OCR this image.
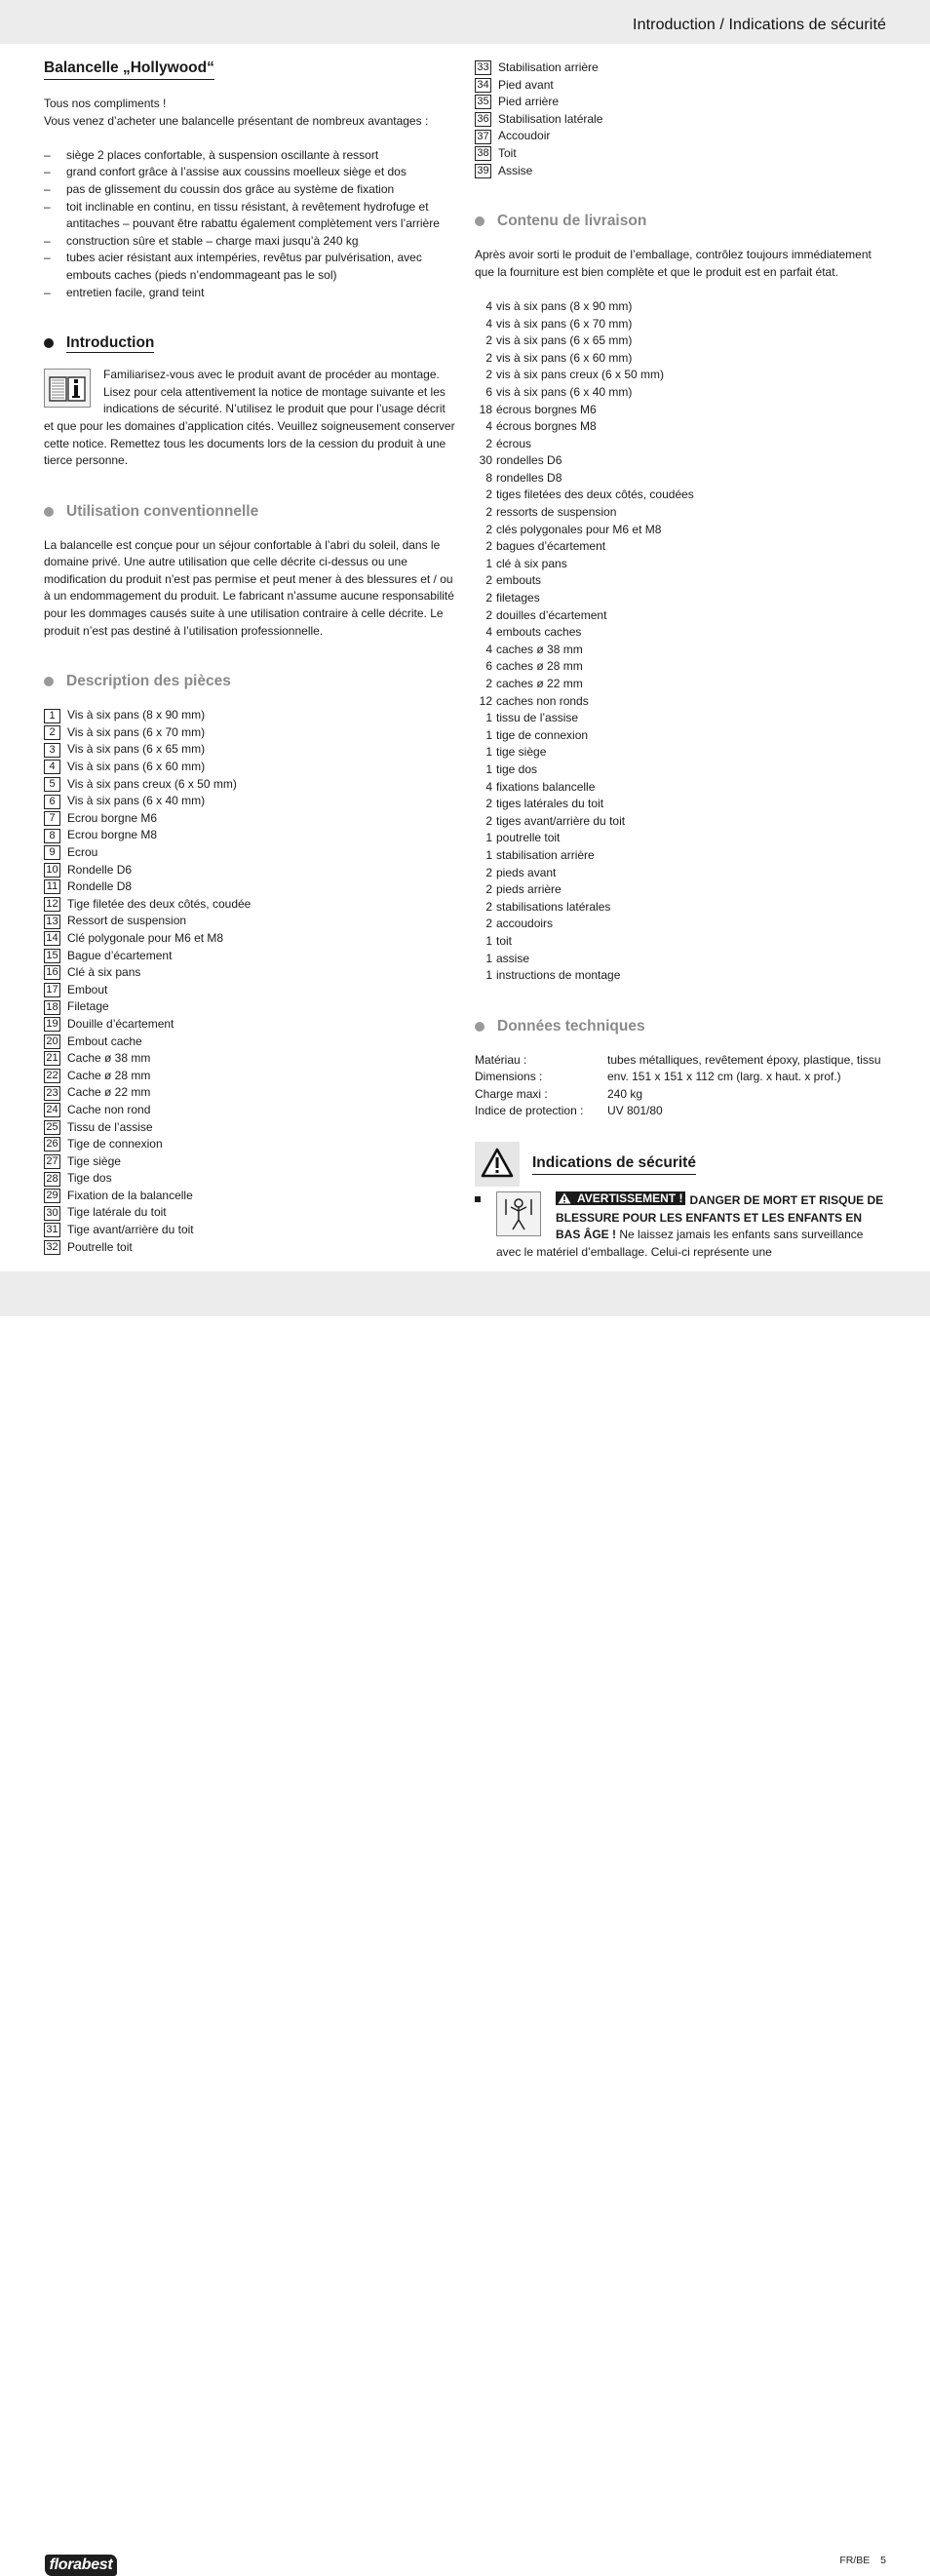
Introduction / Indications de sécurité
Balancelle „Hollywood“

Tous nos compliments !

Vous venez d’acheter une balancelle présentant de nombreux avantages :

– siège 2 places confortable, à suspension oscillante à ressort
– grand confort grâce à l’assise aux coussins moelleux siège et dos
– pas de glissement du coussin dos grâce au système de fixation
– toit inclinable en continu, en tissu résistant, à revêtement hydrofuge et antitaches – pouvant être rabattu également complètement vers l’arrière
– construction sûre et stable – charge maxi jusqu’à 240 kg
– tubes acier résistant aux intempéries, revêtus par pulvérisation, avec embouts caches (pieds n’endommageant pas le sol)
– entretien facile, grand teint
Introduction

Familiarisez-vous avec le produit avant de procéder au montage. Lisez pour cela attentivement la notice de montage suivante et les indications de sécurité. N’utilisez le produit que pour l’usage décrit et que pour les domaines d’application cités. Veuillez soigneusement conserver cette notice. Remettez tous les documents lors de la cession du produit à une tierce personne.

Utilisation conventionnelle

La balancelle est conçue pour un séjour confortable à l’abri du soleil, dans le domaine privé. Une autre utilisation que celle décrite ci-dessus ou une modification du produit n’est pas permise et peut mener à des blessures et / ou à un endommagement du produit. Le fabricant n’assume aucune responsabilité pour les dommages causés suite à une utilisation contraire à celle décrite. Le produit n’est pas destiné à l’utilisation professionnelle.

Description des pièces
1	Vis à six pans (8 x 90 mm)
2	Vis à six pans (6 x 70 mm)
3	Vis à six pans (6 x 65 mm)
4	Vis à six pans (6 x 60 mm)
5	Vis à six pans creux (6 x 50 mm)
6	Vis à six pans (6 x 40 mm)
7	Ecrou borgne M6
8	Ecrou borgne M8
9	Ecrou
10 Rondelle D6
11 Rondelle D8
12 Tige filetée des deux côtés, coudée
13 Ressort de suspension
14 Clé polygonale pour M6 et M8
15 Bague d’écartement
16 Clé à six pans
17 Embout
18 Filetage
19 Douille d’écartement
20 Embout cache
21 Cache ø 38 mm
22 Cache ø 28 mm
23 Cache ø 22 mm
24 Cache non rond
25 Tissu de l’assise
26 Tige de connexion
27 Tige siège
28 Tige dos
29 Fixation de la balancelle
30 Tige latérale du toit
31 Tige avant/arrière du toit
32 Poutrelle toit
33 Stabilisation arrière
34 Pied avant
35 Pied arrière
36 Stabilisation latérale
37 Accoudoir
38 Toit
39 Assise
Contenu de livraison

Après avoir sorti le produit de l’emballage, contrôlez toujours immédiatement que la fourniture est bien complète et que le produit est en parfait état.

4 vis à six pans (8 x 90 mm)
4 vis à six pans (6 x 70 mm)
2 vis à six pans (6 x 65 mm)
2 vis à six pans (6 x 60 mm)
2 vis à six pans creux (6 x 50 mm)
6 vis à six pans (6 x 40 mm)
18 écrous borgnes M6
4 écrous borgnes M8
2 écrous
30 rondelles D6
8 rondelles D8
2 tiges filetées des deux côtés, coudées
2 ressorts de suspension
2 clés polygonales pour M6 et M8
2 bagues d’écartement
1 clé à six pans
2 embouts
2 filetages
2 douilles d’écartement
4 embouts caches
4 caches ø 38 mm
6 caches ø 28 mm
2 caches ø 22 mm
12 caches non ronds
1 tissu de l’assise
1 tige de connexion
1 tige siège
1 tige dos
4 fixations balancelle
2 tiges latérales du toit
2 tiges avant/arrière du toit
1 poutrelle toit
1 stabilisation arrière
2 pieds avant
2 pieds arrière
2 stabilisations latérales
2 accoudoirs
1 toit
1 assise
1 instructions de montage
Données techniques
Matériau :	tubes métalliques, revêtement époxy, plastique, tissu
Dimensions :	env. 151 x 151 x 112 cm (larg. x haut. x prof.)
Charge maxi :	240 kg
Indice de protection :	UV 801/80
Indications de sécurité
AVERTISSEMENT ! DANGER DE MORT ET RISQUE DE BLESSURE POUR LES ENFANTS ET LES ENFANTS EN BAS ÂGE ! Ne laissez jamais les enfants sans surveillance avec le matériel d’emballage. Celui-ci représente une
florabest	FR/BE 5
